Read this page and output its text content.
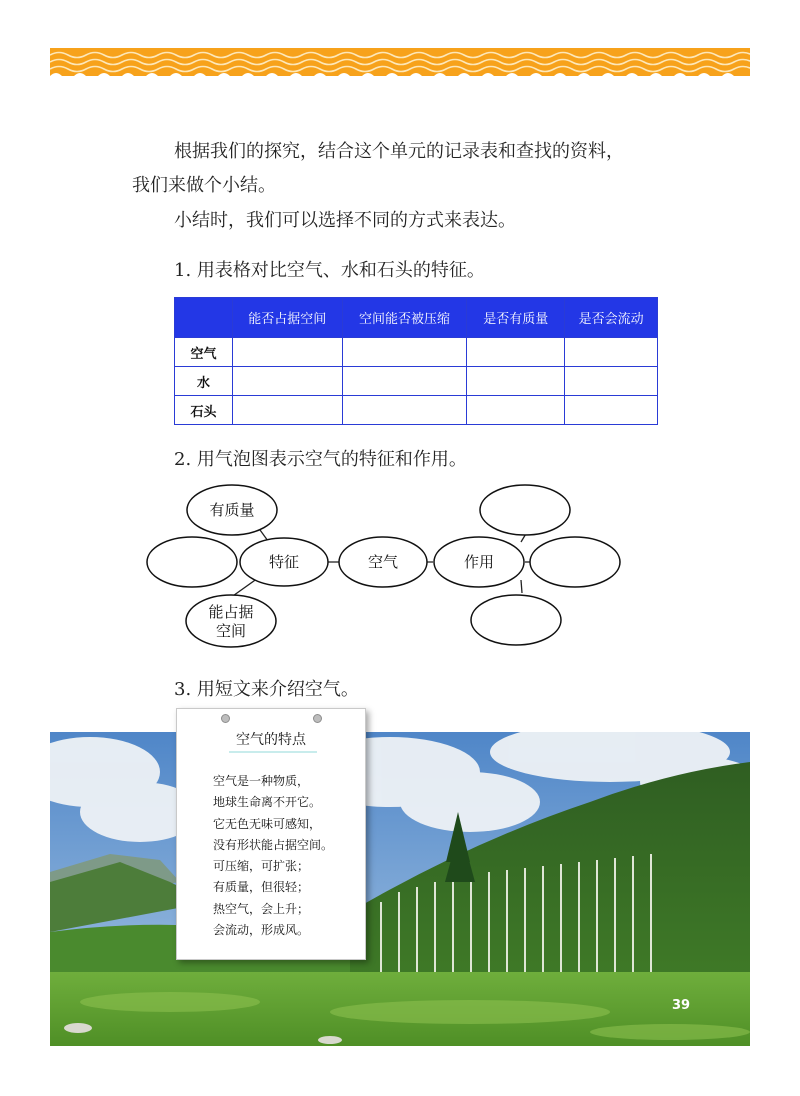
根据我们的探究，结合这个单元的记录表和查找的资料，

我们来做个小结。

小结时，我们可以选择不同的方式来表达。

1. 用表格对比空气、水和石头的特征。

	能否占据空间	空间能否被压缩	是否有质量	是否会流动
空气				
水				
石头				

2. 用气泡图表示空气的特征和作用。

有质量
特征	空气	作用
能占据
空间

3. 用短文来介绍空气。

空气的特点
空气是一种物质，
地球生命离不开它。
它无色无味可感知，
没有形状能占据空间。
可压缩，可扩张；
有质量，但很轻；
热空气，会上升；
会流动，形成风。
39
